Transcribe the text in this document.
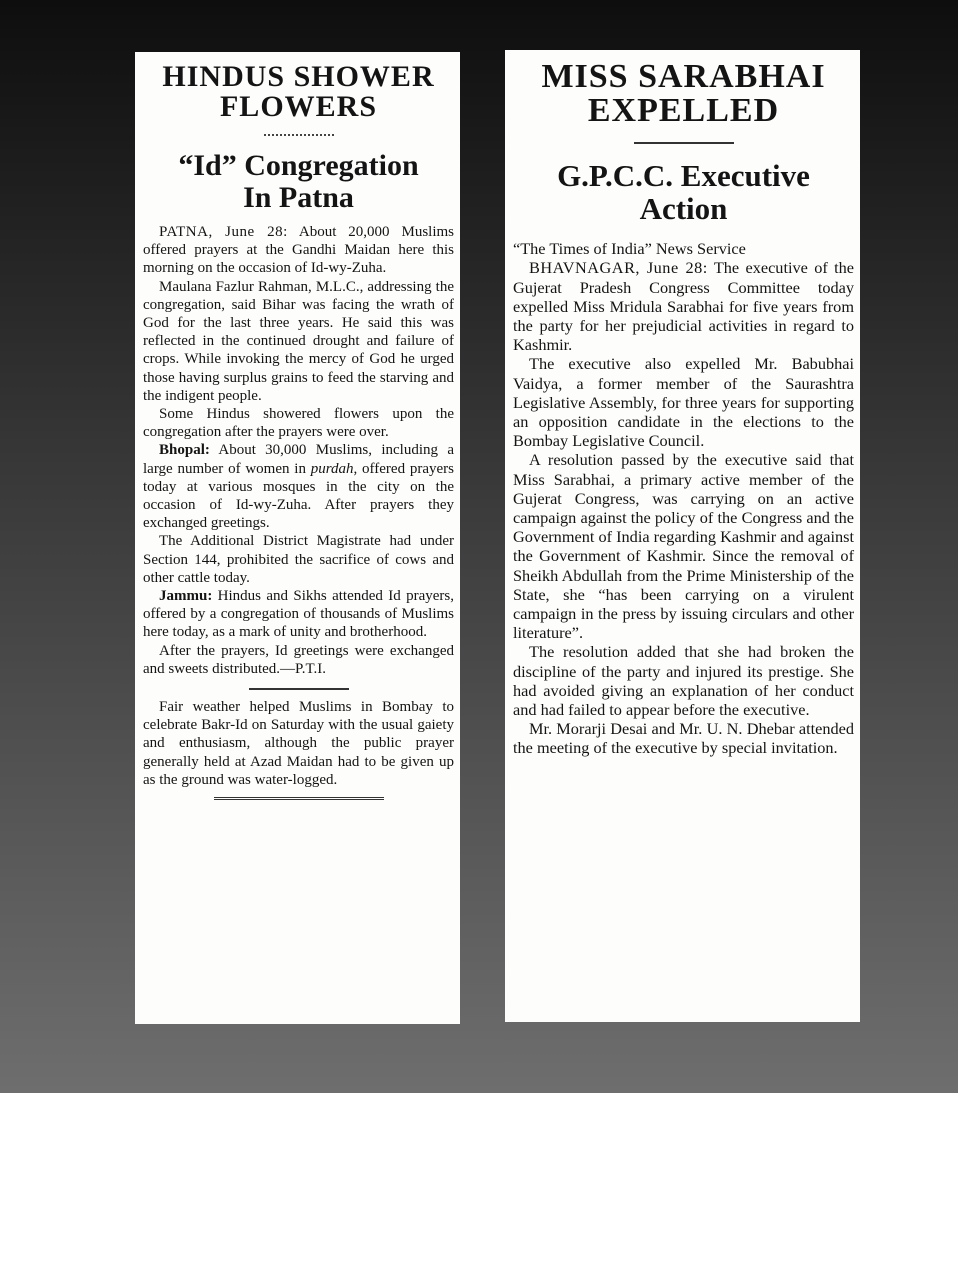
HINDUS SHOWER
FLOWERS
“Id” Congregation
In Patna

PATNA, June 28: About 20,000 Muslims offered prayers at the Gandhi Maidan here this morning on the occasion of Id-wy-Zuha.

Maulana Fazlur Rahman, M.L.C., addressing the congregation, said Bihar was facing the wrath of God for the last three years. He said this was reflected in the continued drought and failure of crops. While invoking the mercy of God he urged those having surplus grains to feed the starving and the indigent people.

Some Hindus showered flowers upon the congregation after the prayers were over.

Bhopal: About 30,000 Muslims, including a large number of women in purdah, offered prayers today at various mosques in the city on the occasion of Id-wy-Zuha. After prayers they exchanged greetings.

The Additional District Magistrate had under Section 144, prohibited the sacrifice of cows and other cattle today.

Jammu: Hindus and Sikhs attended Id prayers, offered by a congregation of thousands of Muslims here today, as a mark of unity and brotherhood.

After the prayers, Id greetings were exchanged and sweets distributed.—P.T.I.

Fair weather helped Muslims in Bombay to celebrate Bakr-Id on Saturday with the usual gaiety and enthusiasm, although the public prayer generally held at Azad Maidan had to be given up as the ground was water-logged.

MISS SARABHAI
EXPELLED
G.P.C.C. Executive
Action

“The Times of India” News Service

BHAVNAGAR, June 28: The executive of the Gujerat Pradesh Congress Committee today expelled Miss Mridula Sarabhai for five years from the party for her prejudicial activities in regard to Kashmir.

The executive also expelled Mr. Babubhai Vaidya, a former member of the Saurashtra Legislative Assembly, for three years for supporting an opposition candidate in the elections to the Bombay Legislative Council.

A resolution passed by the executive said that Miss Sarabhai, a primary active member of the Gujerat Congress, was carrying on an active campaign against the policy of the Congress and the Government of India regarding Kashmir and against the Government of Kashmir. Since the removal of Sheikh Abdullah from the Prime Ministership of the State, she “has been carrying on a virulent campaign in the press by issuing circulars and other literature”.

The resolution added that she had broken the discipline of the party and injured its prestige. She had avoided giving an explanation of her conduct and had failed to appear before the executive.

Mr. Morarji Desai and Mr. U. N. Dhebar attended the meeting of the executive by special invitation.
